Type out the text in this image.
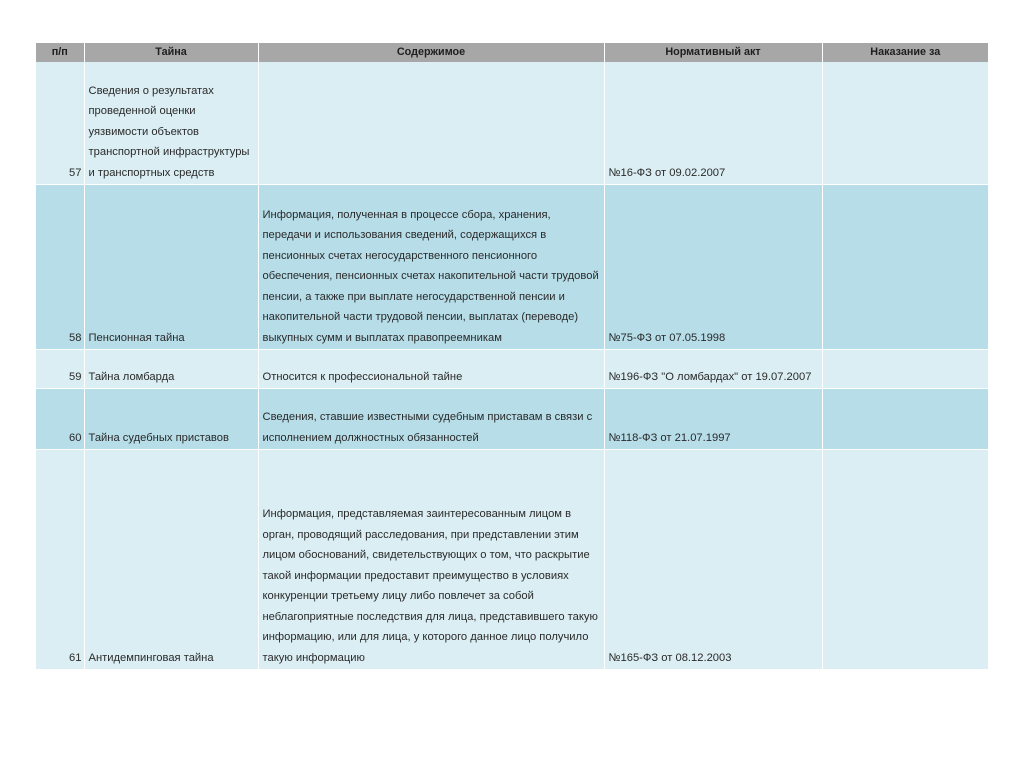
п/п	Тайна	Содержимое	Нормативный акт	Наказание за
57	Сведения о результатах проведенной оценки уязвимости объектов транспортной инфраструктуры и транспортных средств		№16-ФЗ от 09.02.2007	
58	Пенсионная тайна	Информация, полученная в процессе сбора, хранения, передачи и использования сведений, содержащихся в пенсионных счетах негосударственного пенсионного обеспечения, пенсионных счетах накопительной части трудовой пенсии, а также при выплате негосударственной пенсии и накопительной части трудовой пенсии, выплатах (переводе) выкупных сумм и выплатах правопреемникам	№75-ФЗ от 07.05.1998	
59	Тайна ломбарда	Относится к профессиональной тайне	№196-ФЗ "О ломбардах" от 19.07.2007	
60	Тайна судебных приставов	Сведения, ставшие известными судебным приставам в связи с исполнением должностных обязанностей	№118-ФЗ от 21.07.1997	
61	Антидемпинговая тайна	Информация, представляемая заинтересованным лицом в орган, проводящий расследования, при представлении этим лицом обоснований, свидетельствующих о том, что раскрытие такой информации предоставит преимущество в условиях конкуренции третьему лицу либо повлечет за собой неблагоприятные последствия для лица, представившего такую информацию, или для лица, у которого данное лицо получило такую информацию	№165-ФЗ от 08.12.2003	
